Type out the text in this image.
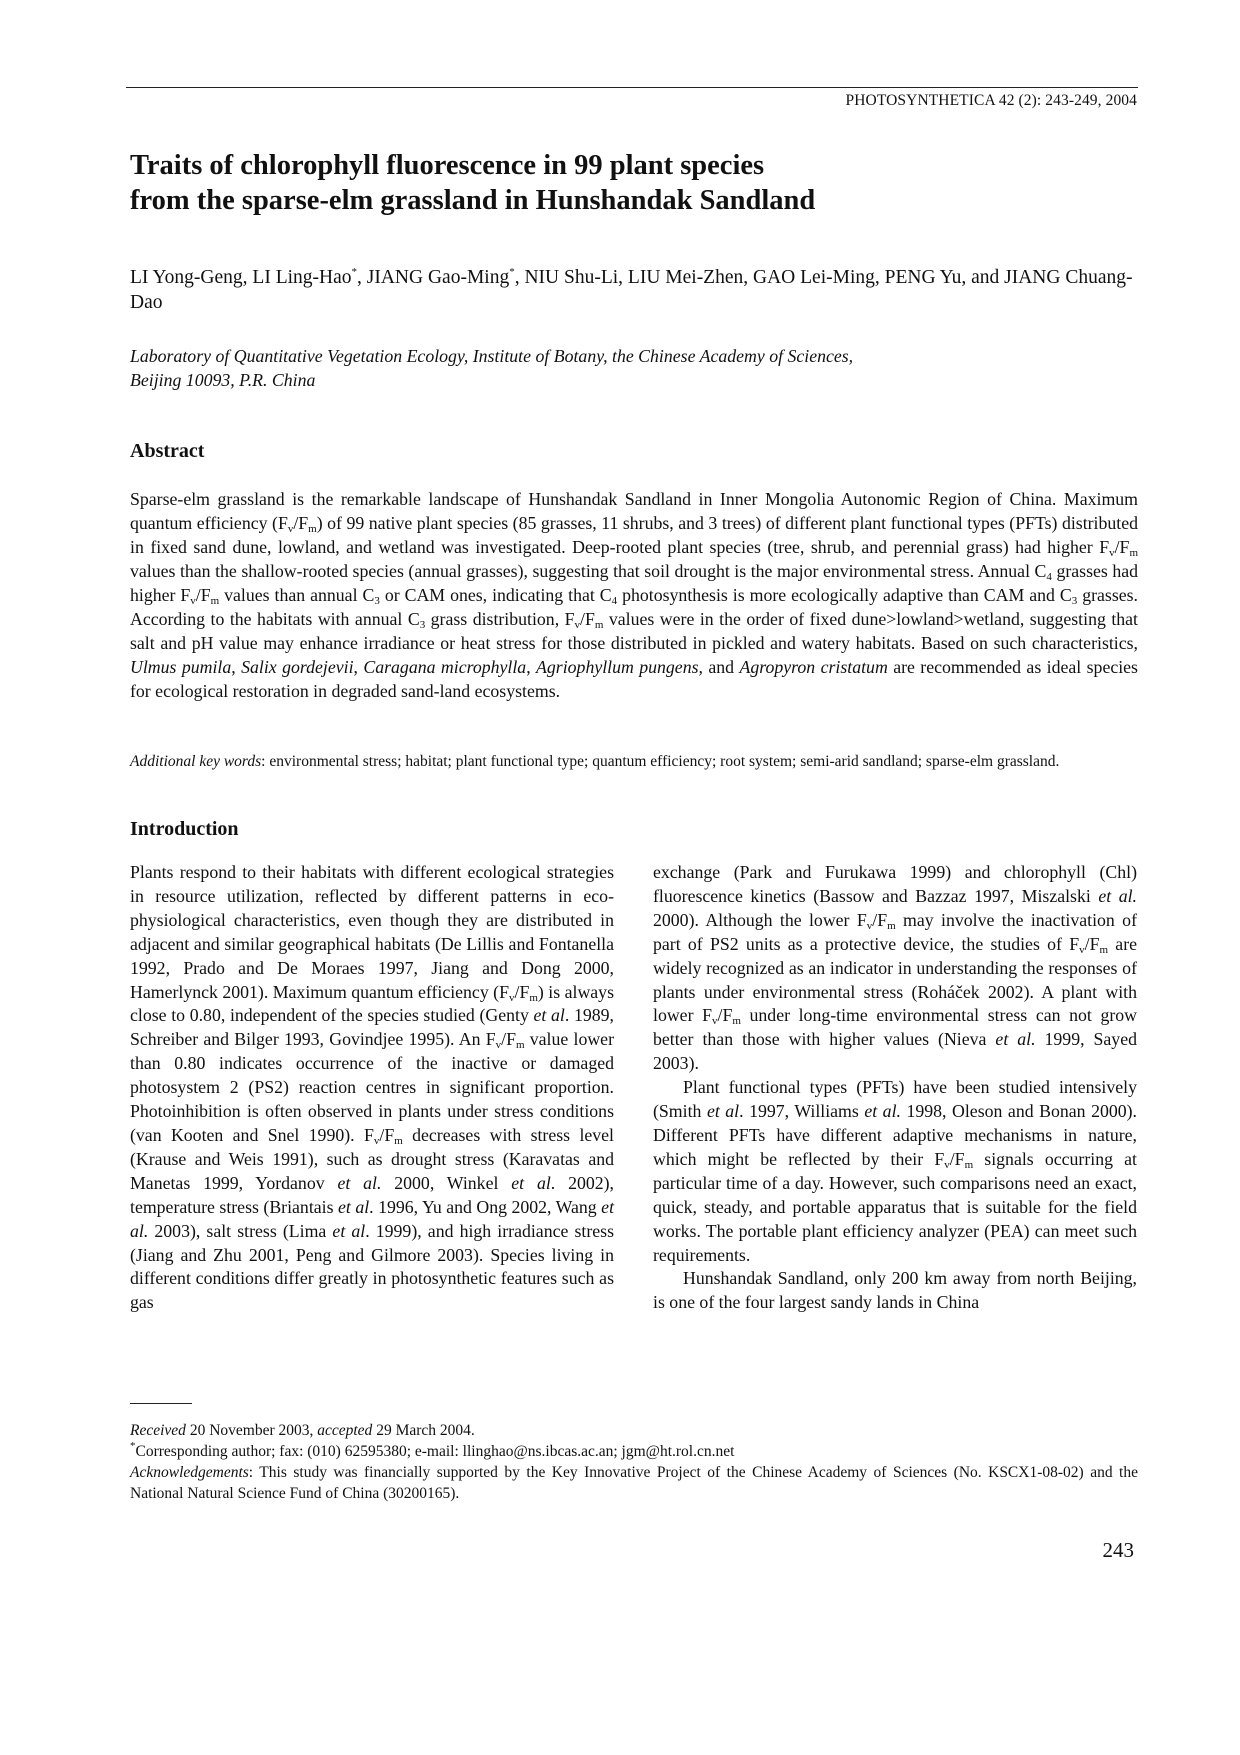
PHOTOSYNTHETICA 42 (2): 243-249, 2004
Traits of chlorophyll fluorescence in 99 plant species
from the sparse-elm grassland in Hunshandak Sandland
LI Yong-Geng, LI Ling-Hao*, JIANG Gao-Ming*, NIU Shu-Li, LIU Mei-Zhen, GAO Lei-Ming, PENG Yu, and JIANG Chuang-Dao
Laboratory of Quantitative Vegetation Ecology, Institute of Botany, the Chinese Academy of Sciences,
Beijing 10093, P.R. China
Abstract

Sparse-elm grassland is the remarkable landscape of Hunshandak Sandland in Inner Mongolia Autonomic Region of China. Maximum quantum efficiency $(F_v/F_m)$ of 99 native plant species (85 grasses, 11 shrubs, and 3 trees) of different plant functional types (PFTs) distributed in fixed sand dune, lowland, and wetland was investigated. Deep-rooted plant species (tree, shrub, and perennial grass) had higher $F_v/F_m$ values than the shallow-rooted species (annual grasses), suggesting that soil drought is the major environmental stress. Annual $C_4$ grasses had higher $F_v/F_m$ values than annual $C_3$ or CAM ones, indicating that $C_4$ photosynthesis is more ecologically adaptive than CAM and $C_3$ grasses. According to the habitats with annual $C_3$ grass distribution, $F_v/F_m$ values were in the order of fixed dune>lowland>wetland, suggesting that salt and pH value may enhance irradiance or heat stress for those distributed in pickled and watery habitats. Based on such characteristics, Ulmus pumila, Salix gordejevii, Caragana microphylla, Agriophyllum pungens, and Agropyron cristatum are recommended as ideal species for ecological restoration in degraded sand-land ecosystems.

Additional key words: environmental stress; habitat; plant functional type; quantum efficiency; root system; semi-arid sandland; sparse-elm grassland.

Introduction

Plants respond to their habitats with different ecological strategies in resource utilization, reflected by different patterns in eco-physiological characteristics, even though they are distributed in adjacent and similar geographical habitats (De Lillis and Fontanella 1992, Prado and De Moraes 1997, Jiang and Dong 2000, Hamerlynck 2001). Maximum quantum efficiency $(F_v/F_m)$ is always close to 0.80, independent of the species studied (Genty et al. 1989, Schreiber and Bilger 1993, Govindjee 1995). An $F_v/F_m$ value lower than 0.80 indicates occurrence of the inactive or damaged photosystem 2 (PS2) reaction centres in significant proportion. Photoinhibition is often observed in plants under stress conditions (van Kooten and Snel 1990). $F_v/F_m$ decreases with stress level (Krause and Weis 1991), such as drought stress (Karavatas and Manetas 1999, Yordanov et al. 2000, Winkel et al. 2002), temperature stress (Briantais et al. 1996, Yu and Ong 2002, Wang et al. 2003), salt stress (Lima et al. 1999), and high irradiance stress (Jiang and Zhu 2001, Peng and Gilmore 2003). Species living in different conditions differ greatly in photosynthetic features such as gas

exchange (Park and Furukawa 1999) and chlorophyll (Chl) fluorescence kinetics (Bassow and Bazzaz 1997, Miszalski et al. 2000). Although the lower $F_v/F_m$ may involve the inactivation of part of PS2 units as a protective device, the studies of $F_v/F_m$ are widely recognized as an indicator in understanding the responses of plants under environmental stress (Roháček 2002). A plant with lower $F_v/F_m$ under long-time environmental stress can not grow better than those with higher values (Nieva et al. 1999, Sayed 2003).

Plant functional types (PFTs) have been studied intensively (Smith et al. 1997, Williams et al. 1998, Oleson and Bonan 2000). Different PFTs have different adaptive mechanisms in nature, which might be reflected by their $F_v/F_m$ signals occurring at particular time of a day. However, such comparisons need an exact, quick, steady, and portable apparatus that is suitable for the field works. The portable plant efficiency analyzer (PEA) can meet such requirements.

Hunshandak Sandland, only 200 km away from north Beijing, is one of the four largest sandy lands in China

Received 20 November 2003, accepted 29 March 2004.

*Corresponding author; fax: (010) 62595380; e-mail: llinghao@ns.ibcas.ac.an; jgm@ht.rol.cn.net

Acknowledgements: This study was financially supported by the Key Innovative Project of the Chinese Academy of Sciences (No. KSCX1-08-02) and the National Natural Science Fund of China (30200165).

243
